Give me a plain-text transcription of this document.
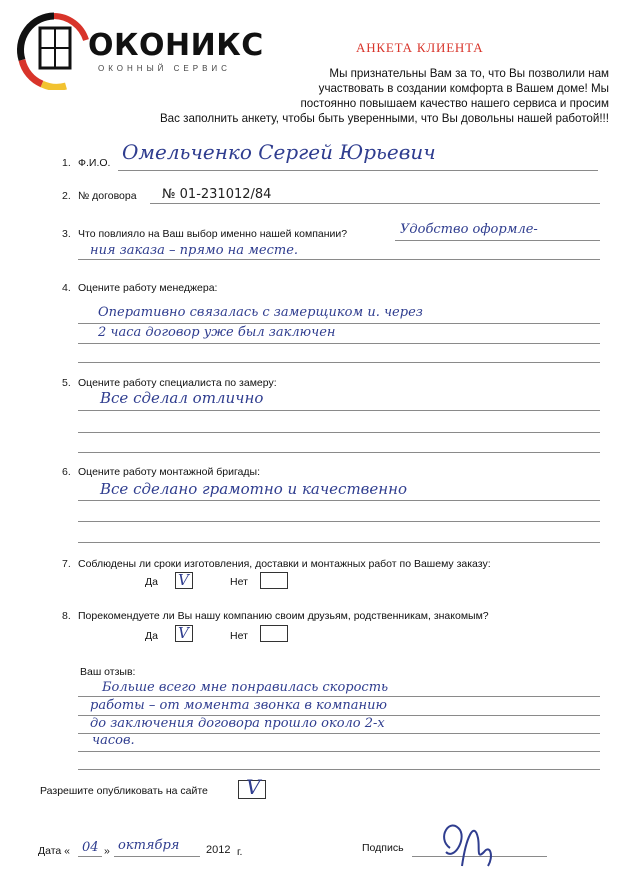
ОКОНИКС
ОКОННЫЙ СЕРВИС
АНКЕТА КЛИЕНТА
Мы признательны Вам за то, что Вы позволили нам
участвовать в создании комфорта в Вашем доме! Мы
постоянно повышаем качество нашего сервиса и просим
Вас заполнить анкету, чтобы быть уверенными, что Вы довольны нашей работой!!!
1. Ф.И.О. Омельченко Сергей Юрьевич
2. № договора № 01-231012/84
3. Что повлияло на Ваш выбор именно нашей компании?	Удобство оформле-
ния заказа – прямо на месте.
4. Оцените работу менеджера:
Оперативно связалась с замерщиком и. через
2 часа договор уже был заключен
5. Оцените работу специалиста по замеру:
Все сделал отлично
6. Оцените работу монтажной бригады:
Все сделано грамотно и качественно
7. Соблюдены ли сроки изготовления, доставки и монтажных работ по Вашему заказу:
Да V	Нет
8. Порекомендуете ли Вы нашу компанию своим друзьям, родственникам, знакомым?
Да V	Нет
Ваш отзыв:
Больше всего мне понравилась скорость
работы – от момента звонка в компанию
до заключения договора прошло около 2-х
часов.
Разрешите опубликовать на сайте V
Дата « 04 » октября 2012 г.	Подпись
